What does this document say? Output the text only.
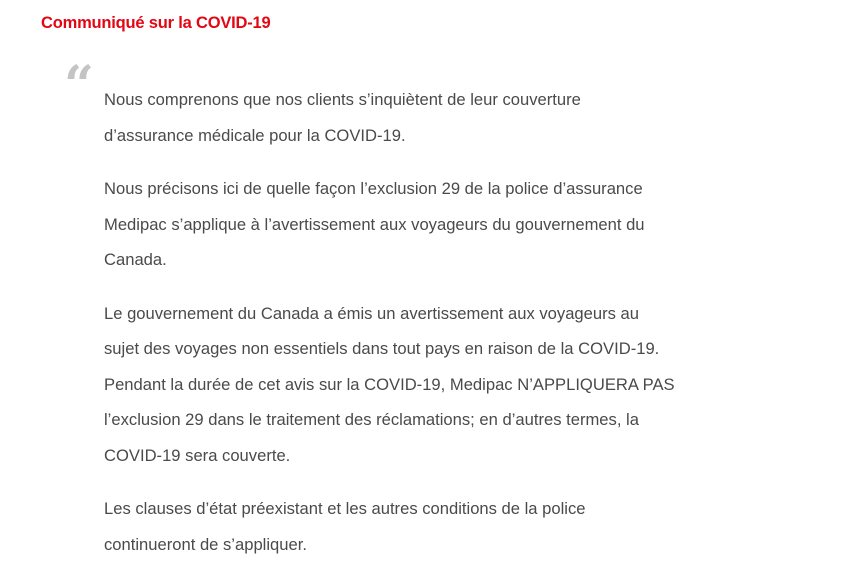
Communiqué sur la COVID-19
“ Nous comprenons que nos clients s’inquiètent de leur couverture
d’assurance médicale pour la COVID-19.

Nous précisons ici de quelle façon l’exclusion 29 de la police d’assurance
Medipac s’applique à l’avertissement aux voyageurs du gouvernement du
Canada.

Le gouvernement du Canada a émis un avertissement aux voyageurs au
sujet des voyages non essentiels dans tout pays en raison de la COVID-19.
Pendant la durée de cet avis sur la COVID-19, Medipac N’APPLIQUERA PAS
l’exclusion 29 dans le traitement des réclamations; en d’autres termes, la
COVID-19 sera couverte.

Les clauses d’état préexistant et les autres conditions de la police
continueront de s’appliquer.
